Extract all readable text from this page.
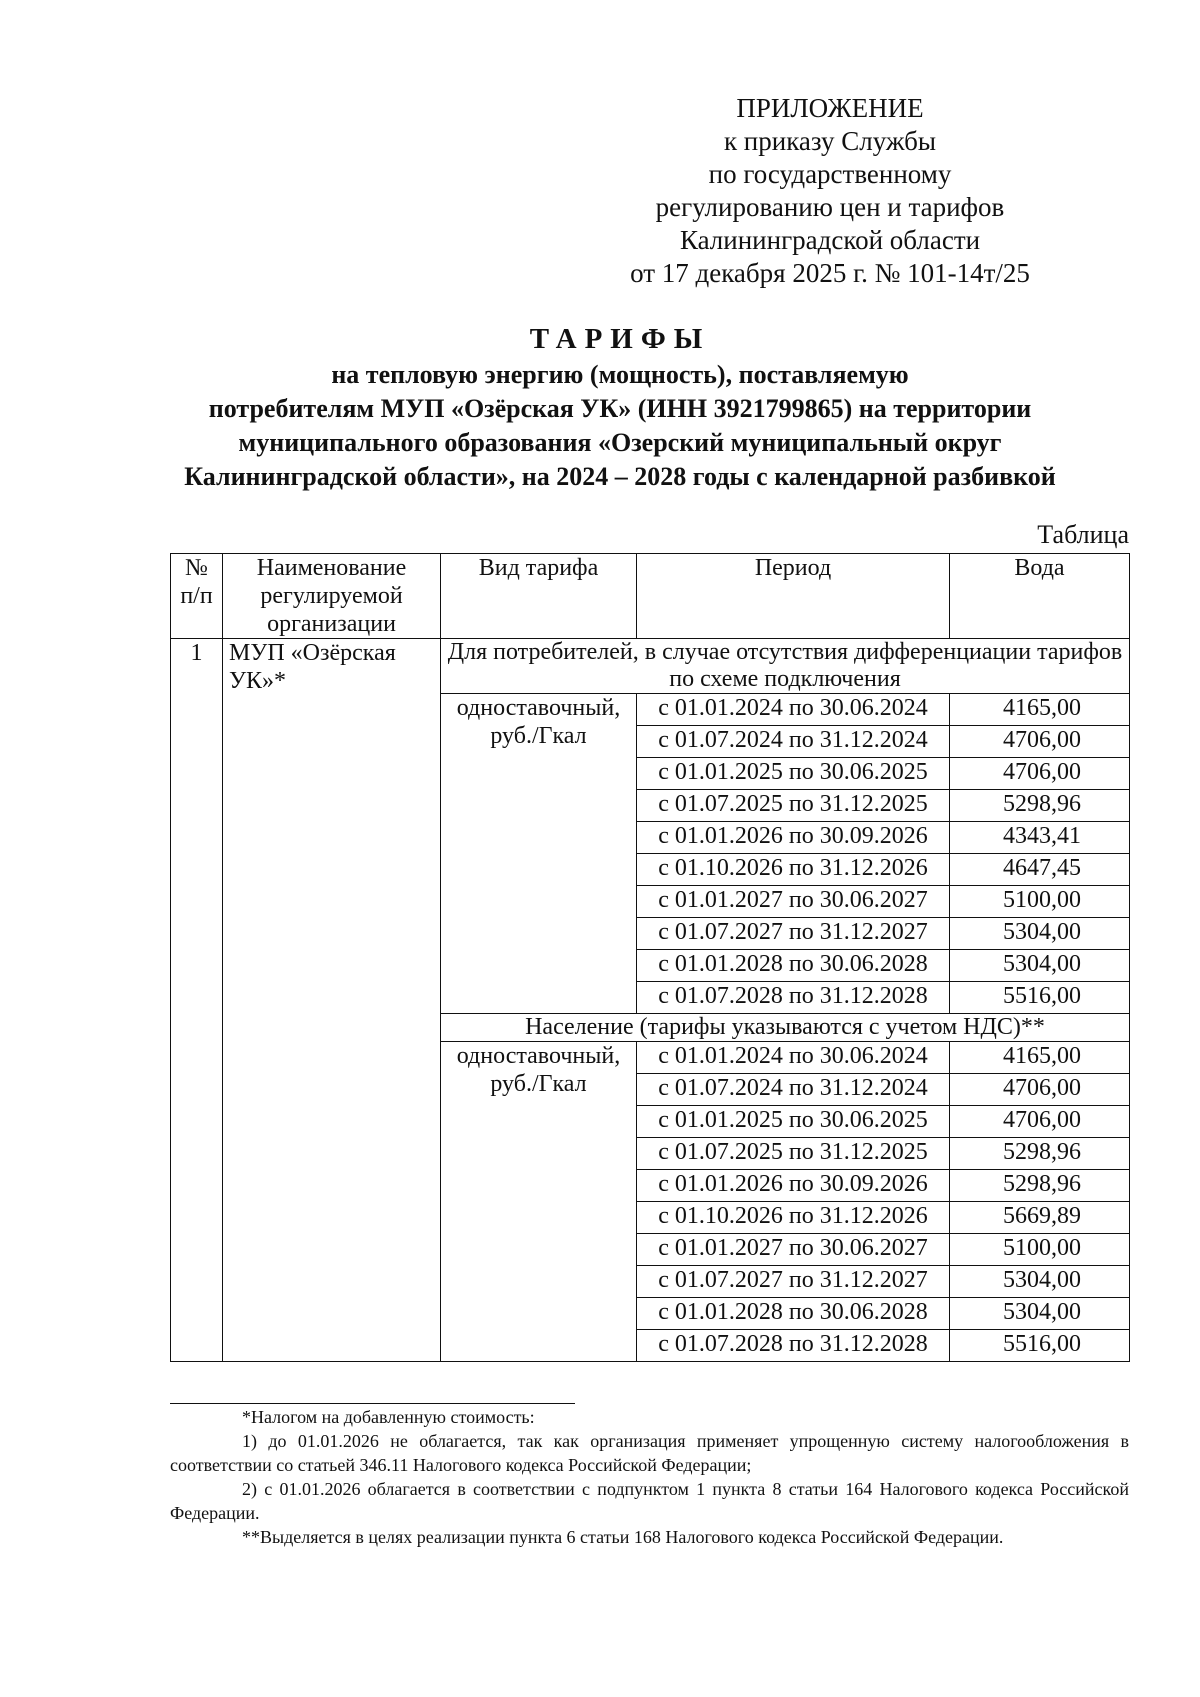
ПРИЛОЖЕНИЕ
к приказу Службы
по государственному
регулированию цен и тарифов
Калининградской области
от 17 декабря 2025 г. № 101-14т/25
ТАРИФЫ
на тепловую энергию (мощность), поставляемую
потребителям МУП «Озёрская УК» (ИНН 3921799865) на территории
муниципального образования «Озерский муниципальный округ
Калининградской области», на 2024 – 2028 годы с календарной разбивкой
Таблица
№ п/п	Наименование регулируемой организации	Вид тарифа	Период	Вода
1	МУП «Озёрская УК»*	Для потребителей, в случае отсутствия дифференциации тарифов по схеме подключения		

		одноставочный,
руб./Гкал	с 01.01.2024 по 30.06.2024	4165,00
			с 01.07.2024 по 31.12.2024	4706,00
			с 01.01.2025 по 30.06.2025	4706,00
			с 01.07.2025 по 31.12.2025	5298,96
			с 01.01.2026 по 30.09.2026	4343,41
			с 01.10.2026 по 31.12.2026	4647,45
			с 01.01.2027 по 30.06.2027	5100,00
			с 01.07.2027 по 31.12.2027	5304,00
			с 01.01.2028 по 30.06.2028	5304,00
			с 01.07.2028 по 31.12.2028	5516,00
		Население (тарифы указываются с учетом НДС)**		

		одноставочный,
руб./Гкал	с 01.01.2024 по 30.06.2024	4165,00
			с 01.07.2024 по 31.12.2024	4706,00
			с 01.01.2025 по 30.06.2025	4706,00
			с 01.07.2025 по 31.12.2025	5298,96
			с 01.01.2026 по 30.09.2026	5298,96
			с 01.10.2026 по 31.12.2026	5669,89
			с 01.01.2027 по 30.06.2027	5100,00
			с 01.07.2027 по 31.12.2027	5304,00
			с 01.01.2028 по 30.06.2028	5304,00
			с 01.07.2028 по 31.12.2028	5516,00

*Налогом на добавленную стоимость:

1) до 01.01.2026 не облагается, так как организация применяет упрощенную систему налогообложения в соответствии со статьей 346.11 Налогового кодекса Российской Федерации;

2) с 01.01.2026 облагается в соответствии с подпунктом 1 пункта 8 статьи 164 Налогового кодекса Российской Федерации.

**Выделяется в целях реализации пункта 6 статьи 168 Налогового кодекса Российской Федерации.
